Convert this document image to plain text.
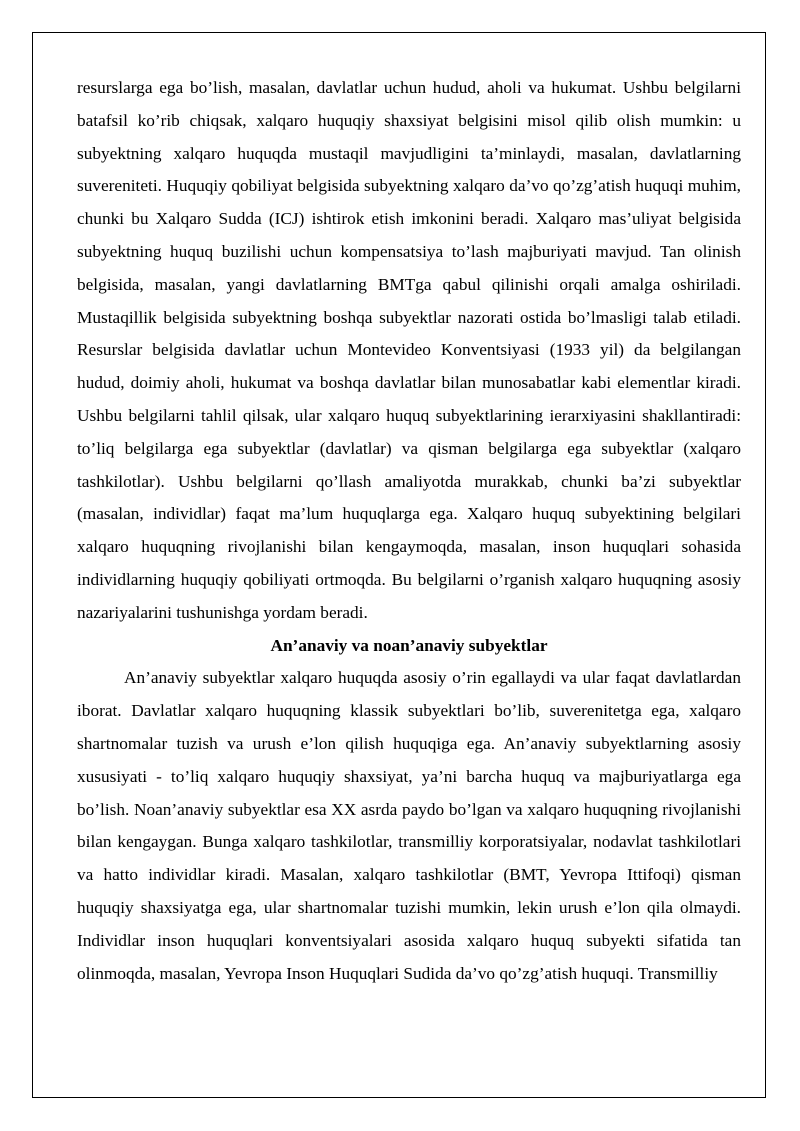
resurslarga ega bo’lish, masalan, davlatlar uchun hudud, aholi va hukumat. Ushbu belgilarni batafsil ko’rib chiqsak, xalqaro huquqiy shaxsiyat belgisini misol qilib olish mumkin: u subyektning xalqaro huquqda mustaqil mavjudligini ta’minlaydi, masalan, davlatlarning suvereniteti. Huquqiy qobiliyat belgisida subyektning xalqaro da’vo qo’zg’atish huquqi muhim, chunki bu Xalqaro Sudda (ICJ) ishtirok etish imkonini beradi. Xalqaro mas’uliyat belgisida subyektning huquq buzilishi uchun kompensatsiya to’lash majburiyati mavjud. Tan olinish belgisida, masalan, yangi davlatlarning BMTga qabul qilinishi orqali amalga oshiriladi. Mustaqillik belgisida subyektning boshqa subyektlar nazorati ostida bo’lmasligi talab etiladi. Resurslar belgisida davlatlar uchun Montevideo Konventsiyasi (1933 yil) da belgilangan hudud, doimiy aholi, hukumat va boshqa davlatlar bilan munosabatlar kabi elementlar kiradi. Ushbu belgilarni tahlil qilsak, ular xalqaro huquq subyektlarining ierarxiyasini shakllantiradi: to’liq belgilarga ega subyektlar (davlatlar) va qisman belgilarga ega subyektlar (xalqaro tashkilotlar). Ushbu belgilarni qo’llash amaliyotda murakkab, chunki ba’zi subyektlar (masalan, individlar) faqat ma’lum huquqlarga ega. Xalqaro huquq subyektining belgilari xalqaro huquqning rivojlanishi bilan kengaymoqda, masalan, inson huquqlari sohasida individlarning huquqiy qobiliyati ortmoqda. Bu belgilarni o’rganish xalqaro huquqning asosiy nazariyalarini tushunishga yordam beradi.

An’anaviy va noan’anaviy subyektlar

An’anaviy subyektlar xalqaro huquqda asosiy o’rin egallaydi va ular faqat davlatlardan iborat. Davlatlar xalqaro huquqning klassik subyektlari bo’lib, suverenitetga ega, xalqaro shartnomalar tuzish va urush e’lon qilish huquqiga ega. An’anaviy subyektlarning asosiy xususiyati - to’liq xalqaro huquqiy shaxsiyat, ya’ni barcha huquq va majburiyatlarga ega bo’lish. Noan’anaviy subyektlar esa XX asrda paydo bo’lgan va xalqaro huquqning rivojlanishi bilan kengaygan. Bunga xalqaro tashkilotlar, transmilliy korporatsiyalar, nodavlat tashkilotlari va hatto individlar kiradi. Masalan, xalqaro tashkilotlar (BMT, Yevropa Ittifoqi) qisman huquqiy shaxsiyatga ega, ular shartnomalar tuzishi mumkin, lekin urush e’lon qila olmaydi. Individlar inson huquqlari konventsiyalari asosida xalqaro huquq subyekti sifatida tan olinmoqda, masalan, Yevropa Inson Huquqlari Sudida da’vo qo’zg’atish huquqi. Transmilliy
